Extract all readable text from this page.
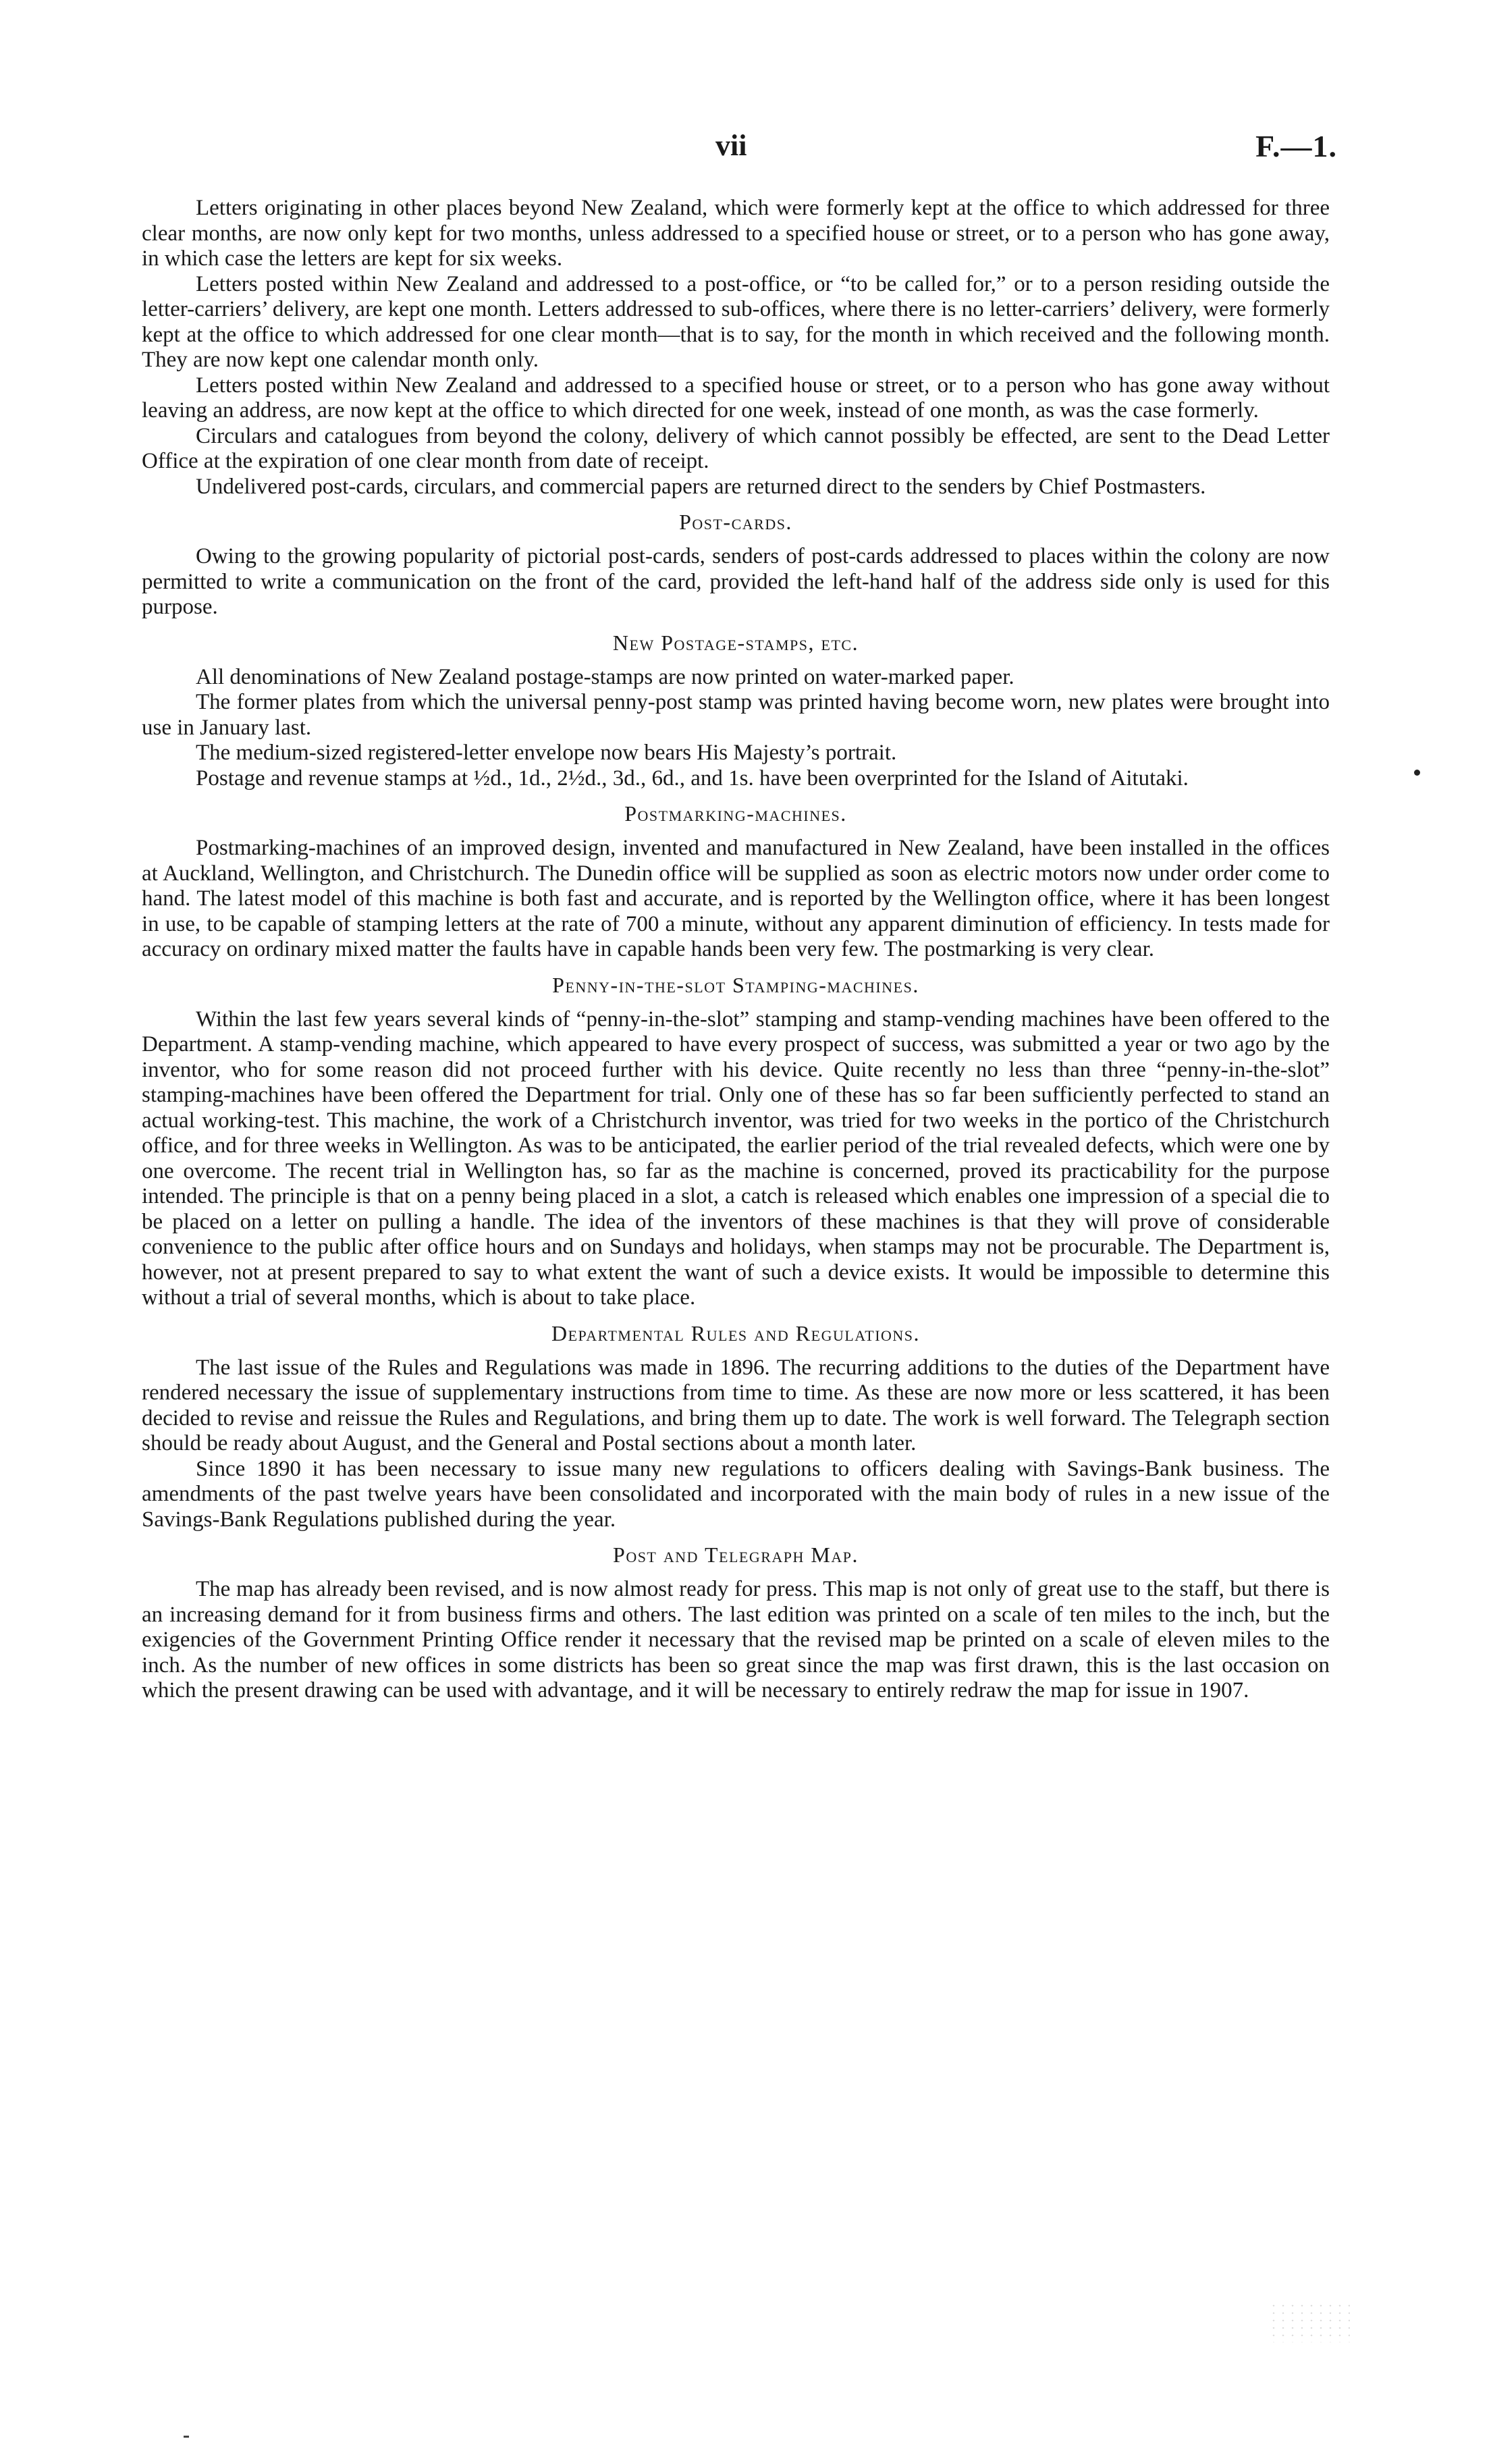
vii	F.—1.

Letters originating in other places beyond New Zealand, which were formerly kept at the office to which addressed for three clear months, are now only kept for two months, unless addressed to a specified house or street, or to a person who has gone away, in which case the letters are kept for six weeks.

Letters posted within New Zealand and addressed to a post-office, or “to be called for,” or to a person residing outside the letter-carriers’ delivery, are kept one month. Letters addressed to sub-offices, where there is no letter-carriers’ delivery, were formerly kept at the office to which addressed for one clear month—that is to say, for the month in which received and the following month. They are now kept one calendar month only.

Letters posted within New Zealand and addressed to a specified house or street, or to a person who has gone away without leaving an address, are now kept at the office to which directed for one week, instead of one month, as was the case formerly.

Circulars and catalogues from beyond the colony, delivery of which cannot possibly be effected, are sent to the Dead Letter Office at the expiration of one clear month from date of receipt.

Undelivered post-cards, circulars, and commercial papers are returned direct to the senders by Chief Postmasters.

Post-cards.

Owing to the growing popularity of pictorial post-cards, senders of post-cards addressed to places within the colony are now permitted to write a communication on the front of the card, provided the left-hand half of the address side only is used for this purpose.

New Postage-stamps, etc.

All denominations of New Zealand postage-stamps are now printed on water-marked paper.

The former plates from which the universal penny-post stamp was printed having become worn, new plates were brought into use in January last.

The medium-sized registered-letter envelope now bears His Majesty’s portrait.

Postage and revenue stamps at ½d., 1d., 2½d., 3d., 6d., and 1s. have been overprinted for the Island of Aitutaki.

Postmarking-machines.

Postmarking-machines of an improved design, invented and manufactured in New Zealand, have been installed in the offices at Auckland, Wellington, and Christchurch. The Dunedin office will be supplied as soon as electric motors now under order come to hand. The latest model of this machine is both fast and accurate, and is reported by the Wellington office, where it has been longest in use, to be capable of stamping letters at the rate of 700 a minute, without any apparent diminution of efficiency. In tests made for accuracy on ordinary mixed matter the faults have in capable hands been very few. The postmarking is very clear.

Penny-in-the-slot Stamping-machines.

Within the last few years several kinds of “penny-in-the-slot” stamping and stamp-vending machines have been offered to the Department. A stamp-vending machine, which appeared to have every prospect of success, was submitted a year or two ago by the inventor, who for some reason did not proceed further with his device. Quite recently no less than three “penny-in-the-slot” stamping-machines have been offered the Department for trial. Only one of these has so far been sufficiently perfected to stand an actual working-test. This machine, the work of a Christchurch inventor, was tried for two weeks in the portico of the Christchurch office, and for three weeks in Wellington. As was to be anticipated, the earlier period of the trial revealed defects, which were one by one overcome. The recent trial in Wellington has, so far as the machine is concerned, proved its practicability for the purpose intended. The principle is that on a penny being placed in a slot, a catch is released which enables one impression of a special die to be placed on a letter on pulling a handle. The idea of the inventors of these machines is that they will prove of considerable convenience to the public after office hours and on Sundays and holidays, when stamps may not be procurable. The Department is, however, not at present prepared to say to what extent the want of such a device exists. It would be impossible to determine this without a trial of several months, which is about to take place.

Departmental Rules and Regulations.

The last issue of the Rules and Regulations was made in 1896. The recurring additions to the duties of the Department have rendered necessary the issue of supplementary instructions from time to time. As these are now more or less scattered, it has been decided to revise and reissue the Rules and Regulations, and bring them up to date. The work is well forward. The Telegraph section should be ready about August, and the General and Postal sections about a month later.

Since 1890 it has been necessary to issue many new regulations to officers dealing with Savings-Bank business. The amendments of the past twelve years have been consolidated and incorporated with the main body of rules in a new issue of the Savings-Bank Regulations published during the year.

Post and Telegraph Map.

The map has already been revised, and is now almost ready for press. This map is not only of great use to the staff, but there is an increasing demand for it from business firms and others. The last edition was printed on a scale of ten miles to the inch, but the exigencies of the Government Printing Office render it necessary that the revised map be printed on a scale of eleven miles to the inch. As the number of new offices in some districts has been so great since the map was first drawn, this is the last occasion on which the present drawing can be used with advantage, and it will be necessary to entirely redraw the map for issue in 1907.
